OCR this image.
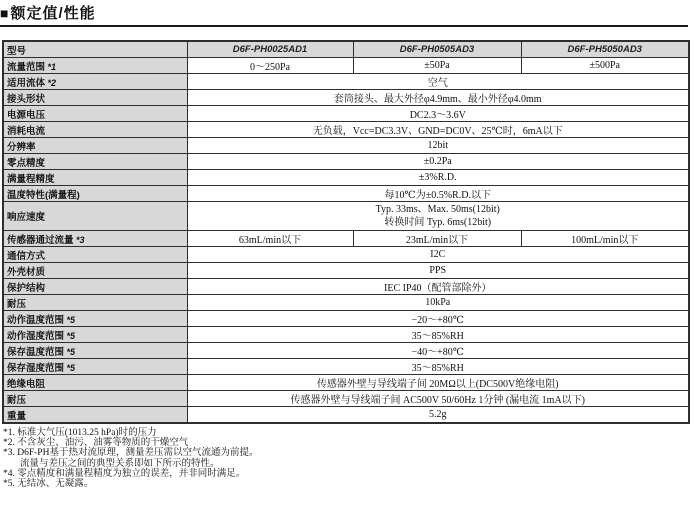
■额定值/性能
型号	D6F-PH0025AD1	D6F-PH0505AD3	D6F-PH5050AD3
流量范围 *1	0～250Pa	±50Pa	±500Pa
适用流体 *2	空气		
接头形状	套筒接头、最大外径φ4.9mm、最小外径φ4.0mm		
电源电压	DC2.3～3.6V		
消耗电流	无负载，Vcc=DC3.3V、GND=DC0V、25℃时，6mA以下		
分辨率	12bit		
零点精度	±0.2Pa		
满量程精度	±3%R.D.		
温度特性(满量程)	每10℃为±0.5%R.D.以下		
响应速度	Typ. 33ms、Max. 50ms(12bit)
转换时间 Typ. 6ms(12bit)		

传感器通过流量 *3	63mL/min以下	23mL/min以下	100mL/min以下
通信方式	I2C		
外壳材质	PPS		
保护结构	IEC IP40（配管部除外）		
耐压	10kPa		
动作温度范围 *5	−20～+80℃		
动作湿度范围 *5	35～85%RH		
保存温度范围 *5	−40～+80℃		
保存湿度范围 *5	35～85%RH		
绝缘电阻	传感器外壁与导线端子间 20MΩ以上(DC500V绝缘电阻)		
耐压	传感器外壁与导线端子间 AC500V 50/60Hz 1分钟 (漏电流 1mA以下)		
重量	5.2g		
*1. 标准大气压(1013.25 hPa)时的压力
*2. 不含灰尘、油污、油雾等物质的干燥空气
*3. D6F-PH基于热对流原理，测量差压需以空气流通为前提。
流量与差压之间的典型关系即如下所示的特性。
*4. 零点精度和满量程精度为独立的误差，并非同时满足。
*5. 无结冰、无凝露。
